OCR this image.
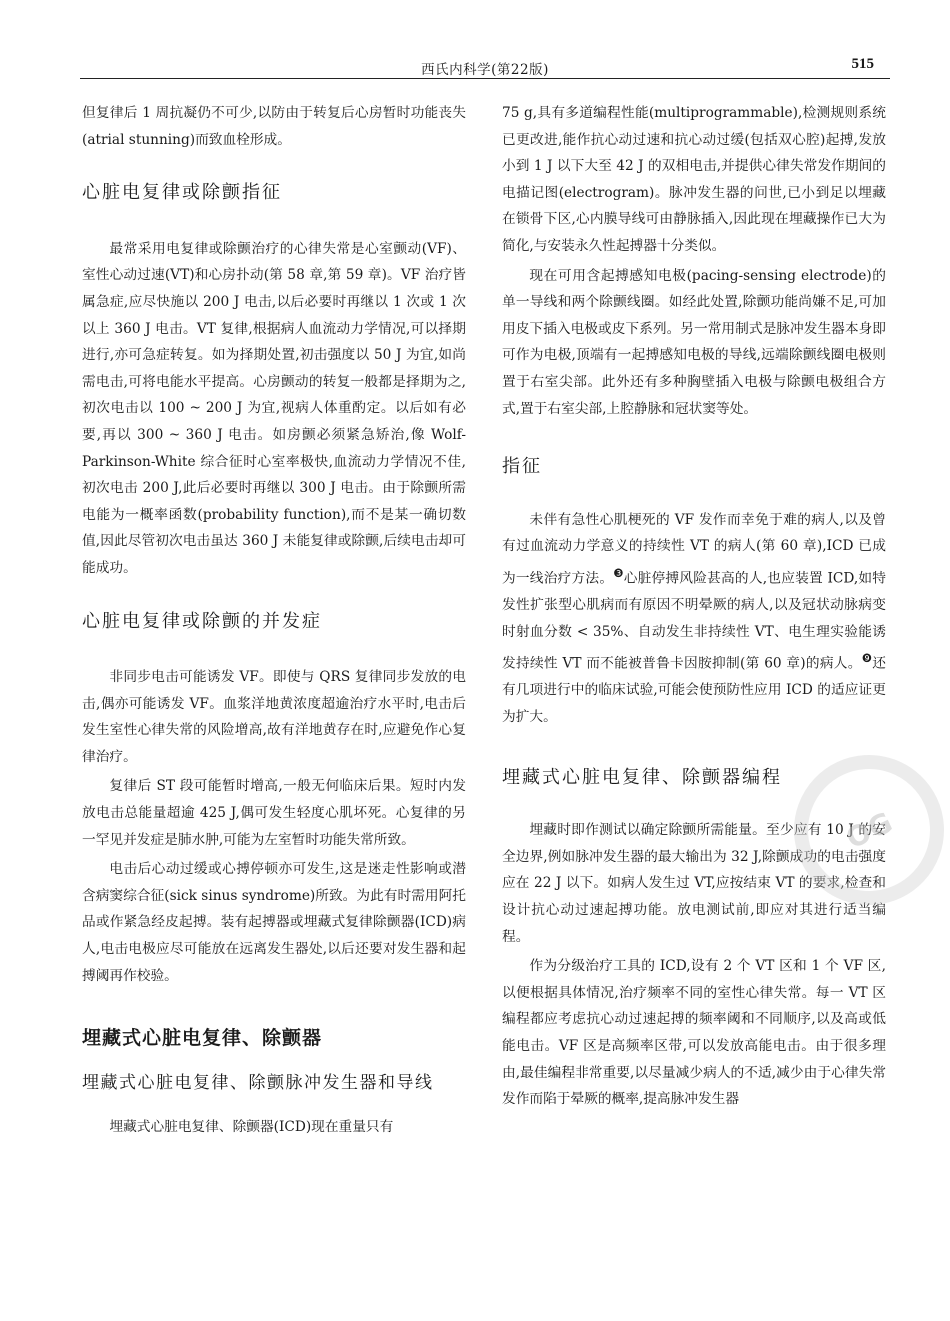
西氏内科学(第22版)	515

但复律后 1 周抗凝仍不可少,以防由于转复后心房暂时功能丧失(atrial stunning)而致血栓形成。

心脏电复律或除颤指征

最常采用电复律或除颤治疗的心律失常是心室颤动(VF)、室性心动过速(VT)和心房扑动(第 58 章,第 59 章)。VF 治疗皆属急症,应尽快施以 200 J 电击,以后必要时再继以 1 次或 1 次以上 360 J 电击。VT 复律,根据病人血流动力学情况,可以择期进行,亦可急症转复。如为择期处置,初击强度以 50 J 为宜,如尚需电击,可将电能水平提高。心房颤动的转复一般都是择期为之,初次电击以 100 ~ 200 J 为宜,视病人体重酌定。以后如有必要,再以 300 ~ 360 J 电击。如房颤必须紧急矫治,像 Wolf-Parkinson-White 综合征时心室率极快,血流动力学情况不佳,初次电击 200 J,此后必要时再继以 300 J 电击。由于除颤所需电能为一概率函数(probability function),而不是某一确切数值,因此尽管初次电击虽达 360 J 未能复律或除颤,后续电击却可能成功。

心脏电复律或除颤的并发症

非同步电击可能诱发 VF。即使与 QRS 复律同步发放的电击,偶亦可能诱发 VF。血浆洋地黄浓度超逾治疗水平时,电击后发生室性心律失常的风险增高,故有洋地黄存在时,应避免作心复律治疗。

复律后 ST 段可能暂时增高,一般无何临床后果。短时内发放电击总能量超逾 425 J,偶可发生轻度心肌坏死。心复律的另一罕见并发症是肺水肿,可能为左室暂时功能失常所致。

电击后心动过缓或心搏停顿亦可发生,这是迷走性影响或潜含病窦综合征(sick sinus syndrome)所致。为此有时需用阿托品或作紧急经皮起搏。装有起搏器或埋藏式复律除颤器(ICD)病人,电击电极应尽可能放在远离发生器处,以后还要对发生器和起搏阈再作校验。

埋藏式心脏电复律、除颤器
埋藏式心脏电复律、除颤脉冲发生器和导线

埋藏式心脏电复律、除颤器(ICD)现在重量只有

75 g,具有多道编程性能(multiprogrammable),检测规则系统已更改进,能作抗心动过速和抗心动过缓(包括双心腔)起搏,发放小到 1 J 以下大至 42 J 的双相电击,并提供心律失常发作期间的电描记图(electrogram)。脉冲发生器的问世,已小到足以埋藏在锁骨下区,心内膜导线可由静脉插入,因此现在埋藏操作已大为简化,与安装永久性起搏器十分类似。

现在可用含起搏感知电极(pacing-sensing electrode)的单一导线和两个除颤线圈。如经此处置,除颤功能尚嫌不足,可加用皮下插入电极或皮下系列。另一常用制式是脉冲发生器本身即可作为电极,顶端有一起搏感知电极的导线,远端除颤线圈电极则置于右室尖部。此外还有多种胸壁插入电极与除颤电极组合方式,置于右室尖部,上腔静脉和冠状窦等处。

指征

未伴有急性心肌梗死的 VF 发作而幸免于难的病人,以及曾有过血流动力学意义的持续性 VT 的病人(第 60 章),ICD 已成为一线治疗方法。$^❸$心脏停搏风险甚高的人,也应装置 ICD,如特发性扩张型心肌病而有原因不明晕厥的病人,以及冠状动脉病变时射血分数 < 35%、自动发生非持续性 VT、电生理实验能诱发持续性 VT 而不能被普鲁卡因胺抑制(第 60 章)的病人。$^❾$还有几项进行中的临床试验,可能会使预防性应用 ICD 的适应证更为扩大。

埋藏式心脏电复律、除颤器编程

埋藏时即作测试以确定除颤所需能量。至少应有 10 J 的安全边界,例如脉冲发生器的最大输出为 32 J,除颤成功的电击强度应在 22 J 以下。如病人发生过 VT,应按结束 VT 的要求,检查和设计抗心动过速起搏功能。放电测试前,即应对其进行适当编程。

作为分级治疗工具的 ICD,设有 2 个 VT 区和 1 个 VF 区,以便根据具体情况,治疗频率不同的室性心律失常。每一 VT 区编程都应考虑抗心动过速起搏的频率阈和不同顺序,以及高或低能电击。VF 区是高频率区带,可以发放高能电击。由于很多理由,最佳编程非常重要,以尽量减少病人的不适,减少由于心律失常发作而陷于晕厥的概率,提高脉冲发生器

OG
